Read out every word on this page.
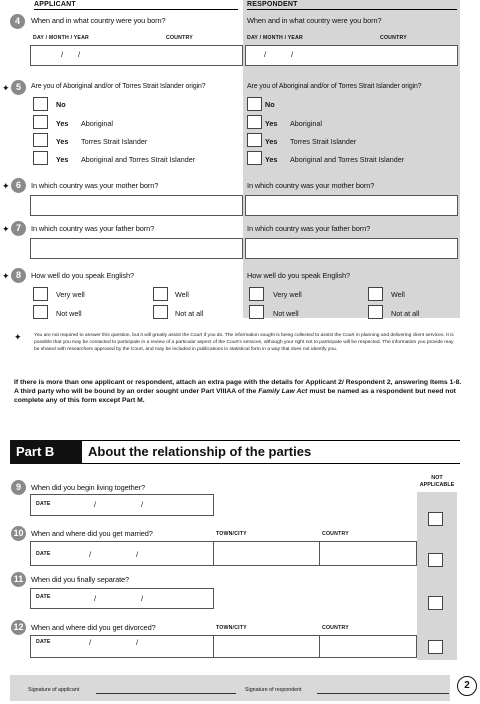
APPLICANT	RESPONDENT
4	When and in what country were you born?	When and in what country were you born?
DAY / MONTH / YEAR	COUNTRY	DAY / MONTH / YEAR	COUNTRY
/ /	/	/
✦ 5	Are you of Aboriginal and/or of Torres Strait Islander origin?	Are you of Aboriginal and/or of Torres Strait Islander origin?
No
Yes Aboriginal
Yes Torres Strait Islander
Yes Aboriginal and Torres Strait Islander
No
Yes Aboriginal
Yes Torres Strait Islander
Yes Aboriginal and Torres Strait Islander
✦ 6	In which country was your mother born?	In which country was your mother born?
✦ 7	In which country was your father born?	In which country was your father born?
✦ 8	How well do you speak English?	How well do you speak English?
Very well	Well
Not well	Not at all
Very well	Well
Not well	Not at all
✦	You are not required to answer this question, but it will greatly assist the Court if you do. The information sought is being collected to assist the Court in planning and delivering client services. It is possible that you may be contacted to participate in a review of a particular aspect of the Court's services, although your right not to participate will be respected. The information you provide may be shared with researchers approved by the Court, and may be included in publications in statistical form in a way that does not identify you.
If there is more than one applicant or respondent, attach an extra page with the details for Applicant 2/ Respondent 2, answering Items 1-8. A third party who will be bound by an order sought under Part VIIIAA of the Family Law Act must be named as a respondent but need not complete any of this form except Part M.
Part B	About the relationship of the parties
NOT APPLICABLE
9	When did you begin living together?
DATE	/	/
10	When and where did you get married?	TOWN/CITY	COUNTRY
DATE	/	/
11	When did you finally separate?
DATE	/	/
12	When and where did you get divorced?	TOWN/CITY	COUNTRY
DATE	/	/
Signature of applicant	Signature of respondent	2
